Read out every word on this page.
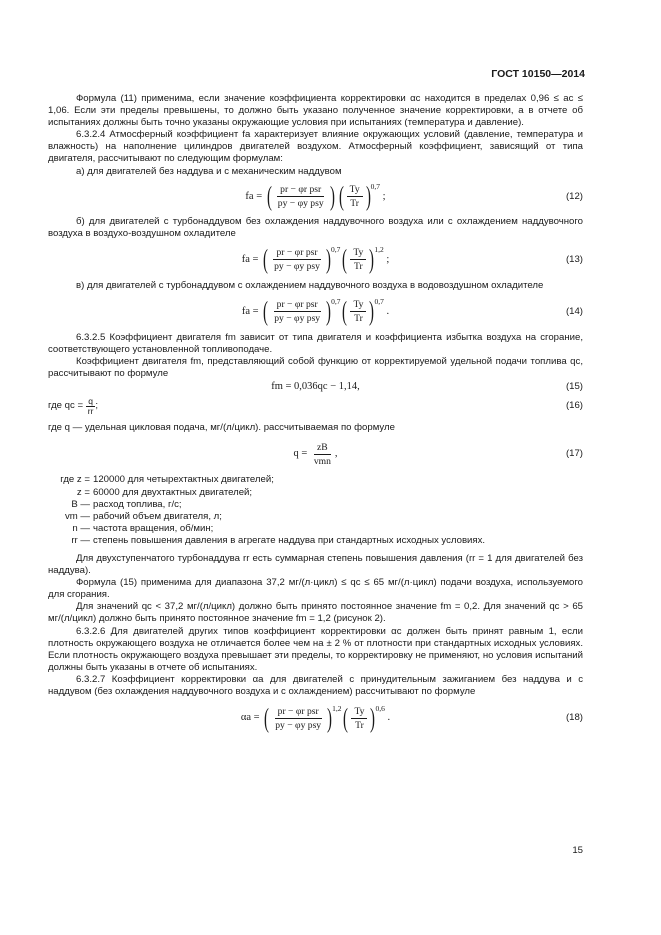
ГОСТ 10150—2014

Формула (11) применима, если значение коэффициента корректировки αc находится в пределах 0,96 ≤ ac ≤ 1,06. Если эти пределы превышены, то должно быть указано полученное значение корректировки, а в отчете об испытаниях должны быть точно указаны окружающие условия при испытаниях (температура и давление).

6.3.2.4 Атмосферный коэффициент fa характеризует влияние окружающих условий (давление, температура и влажность) на наполнение цилиндров двигателей воздухом. Атмосферный коэффициент, зависящий от типа двигателя, рассчитывают по следующим формулам:

а) для двигателей без наддува и с механическим наддувом

fa =
( $\frac{\text{pr − φr psr}}{\text{py − φy psy}}$ ) ( $\frac{Ty}{Tr}$ ) 0,7

;	(12)

б) для двигателей с турбонаддувом без охлаждения наддувочного воздуха или с охлаждением наддувочного воздуха в воздухо-воздушном охладителе

fa =
( $\frac{\text{pr − φr psr}}{\text{py − φy psy}}$ ) 0,7 ( $\frac{Ty}{Tr}$ ) 1,2

;	(13)

в) для двигателей с турбонаддувом с охлаждением наддувочного воздуха в водовоздушном охладителе

fa =
( $\frac{\text{pr − φr psr}}{\text{py − φy psy}}$ ) 0,7 ( $\frac{Ty}{Tr}$ ) 0,7

.	(14)

6.3.2.5 Коэффициент двигателя fm зависит от типа двигателя и коэффициента избытка воздуха на сгорание, соответствующего установленной топливоподаче.

Коэффициент двигателя fm, представляющий собой функцию от корректируемой удельной подачи топлива qc, рассчитывают по формуле

fm = 0,036qc − 1,14,	(15)
где qc =
$\frac{q}{rr}$ ;	(16)

где q — удельная цикловая подача, мг/(л/цикл). рассчитываемая по формуле

q =
$\frac{zB}{\text{vmn}}$ ,	(17)
где z = 120000 для четырехтактных двигателей;
z = 60000 для двухтактных двигателей;
B — расход топлива, г/с;
vm — рабочий объем двигателя, л;
n — частота вращения, об/мин;
rr — степень повышения давления в агрегате наддува при стандартных исходных условиях.

Для двухступенчатого турбонаддува rr есть суммарная степень повышения давления (rr = 1 для двигателей без наддува).

Формула (15) применима для диапазона 37,2 мг/(л·цикл) ≤ qc ≤ 65 мг/(л·цикл) подачи воздуха, используемого для сгорания.

Для значений qc < 37,2 мг/(л/цикл) должно быть принято постоянное значение fm = 0,2. Для значений qc > 65 мг/(л/цикл) должно быть принято постоянное значение fm = 1,2 (рисунок 2).

6.3.2.6 Для двигателей других типов коэффициент корректировки αc должен быть принят равным 1, если плотность окружающего воздуха не отличается более чем на ± 2 % от плотности при стандартных исходных условиях. Если плотность окружающего воздуха превышает эти пределы, то корректировку не применяют, но условия испытаний должны быть указаны в отчете об испытаниях.

6.3.2.7 Коэффициент корректировки αa для двигателей с принудительным зажиганием без наддува и с наддувом (без охлаждения наддувочного воздуха и с охлаждением) рассчитывают по формуле

αa =
( $\frac{\text{pr − φr psr}}{\text{py − φy psy}}$ ) 1,2 ( $\frac{Ty}{Tr}$ ) 0,6

.	(18)
15
